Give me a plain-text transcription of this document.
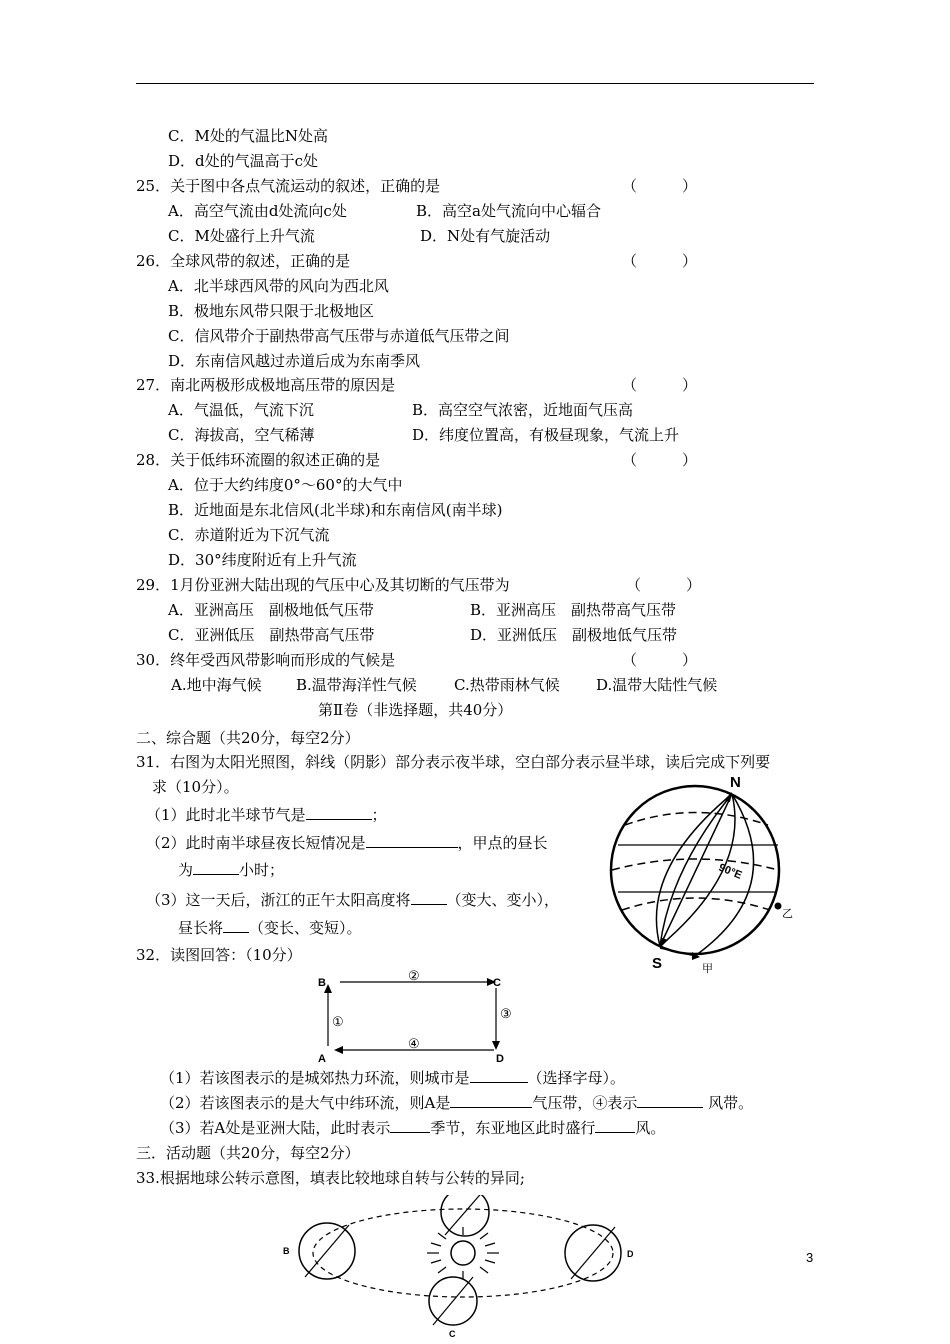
C．M处的气温比N处高
D．d处的气温高于c处
25．关于图中各点气流运动的叙述，正确的是	（　　　）
A．高空气流由d处流向c处	B．高空a处气流向中心辐合
C．M处盛行上升气流	D．N处有气旋活动
26．全球风带的叙述，正确的是	（　　　）
A．北半球西风带的风向为西北风
B．极地东风带只限于北极地区
C．信风带介于副热带高气压带与赤道低气压带之间
D．东南信风越过赤道后成为东南季风
27．南北两极形成极地高压带的原因是	（　　　）
A．气温低，气流下沉	B．高空空气浓密，近地面气压高
C．海拔高，空气稀薄	D．纬度位置高，有极昼现象，气流上升
28．关于低纬环流圈的叙述正确的是	（　　　）
A．位于大约纬度0°～60°的大气中
B．近地面是东北信风(北半球)和东南信风(南半球)
C．赤道附近为下沉气流
D．30°纬度附近有上升气流
29．1月份亚洲大陆出现的气压中心及其切断的气压带为	（　　　）
A．亚洲高压　副极地低气压带	B．亚洲高压　副热带高气压带
C．亚洲低压　副热带高气压带	D．亚洲低压　副极地低气压带
30．终年受西风带影响而形成的气候是	（　　　）
A.地中海气候 B.温带海洋性气候 C.热带雨林气候 D.温带大陆性气候
第Ⅱ卷（非选择题，共40分）
二、综合题（共20分，每空2分）
31．右图为太阳光照图，斜线（阴影）部分表示夜半球，空白部分表示昼半球，读后完成下列要
求（10分）。
（1）此时北半球节气是	；
（2）此时南半球昼夜长短情况是	，甲点的昼长
为	小时；
（3）这一天后，浙江的正午太阳高度将 （变大、变小），
昼长将 （变长、变短）。
N
S
90°E
乙
甲
32．读图回答：（10分）
B	C
A	D
②
③
④
①
（1）若该图表示的是城郊热力环流，则城市是	（选择字母）。
（2）若该图表示的是大气中纬环流，则A是	气压带，④表示	风带。
（3）若A处是亚洲大陆，此时表示	季节，东亚地区此时盛行	风。
三．活动题（共20分，每空2分）
33.根据地球公转示意图，填表比较地球自转与公转的异同;
B	D
C
3
